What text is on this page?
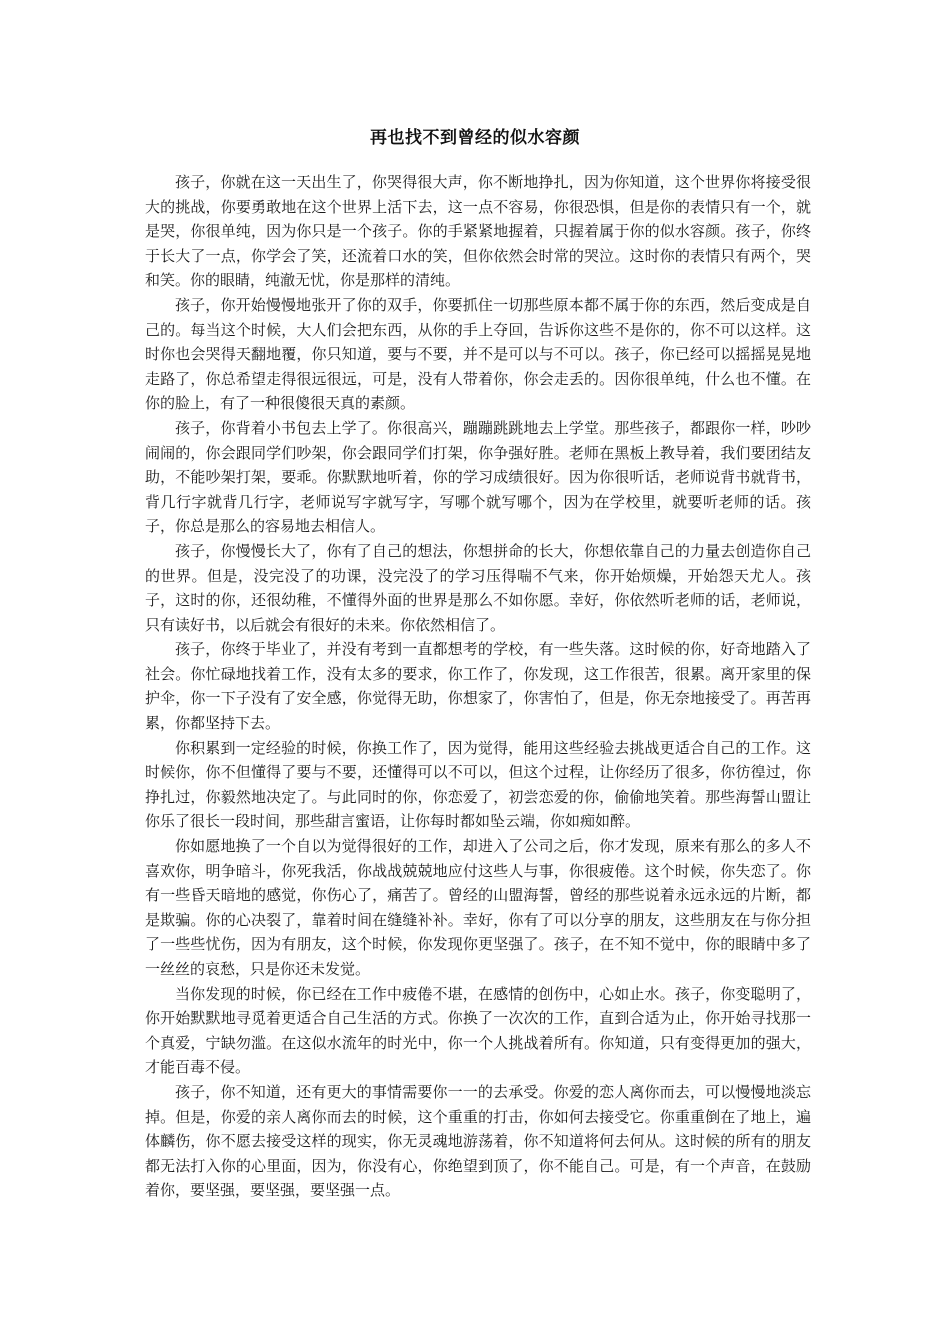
再也找不到曾经的似水容颜

孩子，你就在这一天出生了，你哭得很大声，你不断地挣扎，因为你知道，这个世界你将接受很大的挑战，你要勇敢地在这个世界上活下去，这一点不容易，你很恐惧，但是你的表情只有一个，就是哭，你很单纯，因为你只是一个孩子。你的手紧紧地握着，只握着属于你的似水容颜。孩子，你终于长大了一点，你学会了笑，还流着口水的笑，但你依然会时常的哭泣。这时你的表情只有两个，哭和笑。你的眼睛，纯澈无忧，你是那样的清纯。

孩子，你开始慢慢地张开了你的双手，你要抓住一切那些原本都不属于你的东西，然后变成是自己的。每当这个时候，大人们会把东西，从你的手上夺回，告诉你这些不是你的，你不可以这样。这时你也会哭得天翻地覆，你只知道，要与不要，并不是可以与不可以。孩子，你已经可以摇摇晃晃地走路了，你总希望走得很远很远，可是，没有人带着你，你会走丢的。因你很单纯，什么也不懂。在你的脸上，有了一种很傻很天真的素颜。

孩子，你背着小书包去上学了。你很高兴，蹦蹦跳跳地去上学堂。那些孩子，都跟你一样，吵吵闹闹的，你会跟同学们吵架，你会跟同学们打架，你争强好胜。老师在黑板上教导着，我们要团结友助，不能吵架打架，要乖。你默默地听着，你的学习成绩很好。因为你很听话，老师说背书就背书，背几行字就背几行字，老师说写字就写字，写哪个就写哪个，因为在学校里，就要听老师的话。孩子，你总是那么的容易地去相信人。

孩子，你慢慢长大了，你有了自己的想法，你想拼命的长大，你想依靠自己的力量去创造你自己的世界。但是，没完没了的功课，没完没了的学习压得喘不气来，你开始烦燥，开始怨天尤人。孩子，这时的你，还很幼稚，不懂得外面的世界是那么不如你愿。幸好，你依然听老师的话，老师说，只有读好书，以后就会有很好的未来。你依然相信了。

孩子，你终于毕业了，并没有考到一直都想考的学校，有一些失落。这时候的你，好奇地踏入了社会。你忙碌地找着工作，没有太多的要求，你工作了，你发现，这工作很苦，很累。离开家里的保护伞，你一下子没有了安全感，你觉得无助，你想家了，你害怕了，但是，你无奈地接受了。再苦再累，你都坚持下去。

你积累到一定经验的时候，你换工作了，因为觉得，能用这些经验去挑战更适合自己的工作。这时候你，你不但懂得了要与不要，还懂得可以不可以，但这个过程，让你经历了很多，你彷徨过，你挣扎过，你毅然地决定了。与此同时的你，你恋爱了，初尝恋爱的你，偷偷地笑着。那些海誓山盟让你乐了很长一段时间，那些甜言蜜语，让你每时都如坠云端，你如痴如醉。

你如愿地换了一个自以为觉得很好的工作，却进入了公司之后，你才发现，原来有那么的多人不喜欢你，明争暗斗，你死我活，你战战兢兢地应付这些人与事，你很疲倦。这个时候，你失恋了。你有一些昏天暗地的感觉，你伤心了，痛苦了。曾经的山盟海誓，曾经的那些说着永远永远的片断，都是欺骗。你的心决裂了，靠着时间在缝缝补补。幸好，你有了可以分享的朋友，这些朋友在与你分担了一些些忧伤，因为有朋友，这个时候，你发现你更坚强了。孩子，在不知不觉中，你的眼睛中多了一丝丝的哀愁，只是你还未发觉。

当你发现的时候，你已经在工作中疲倦不堪，在感情的创伤中，心如止水。孩子，你变聪明了，你开始默默地寻觅着更适合自己生活的方式。你换了一次次的工作，直到合适为止，你开始寻找那一个真爱，宁缺勿滥。在这似水流年的时光中，你一个人挑战着所有。你知道，只有变得更加的强大，才能百毒不侵。

孩子，你不知道，还有更大的事情需要你一一的去承受。你爱的恋人离你而去，可以慢慢地淡忘掉。但是，你爱的亲人离你而去的时候，这个重重的打击，你如何去接受它。你重重倒在了地上，遍体麟伤，你不愿去接受这样的现实，你无灵魂地游荡着，你不知道将何去何从。这时候的所有的朋友都无法打入你的心里面，因为，你没有心，你绝望到顶了，你不能自己。可是，有一个声音，在鼓励着你，要坚强，要坚强，要坚强一点。
